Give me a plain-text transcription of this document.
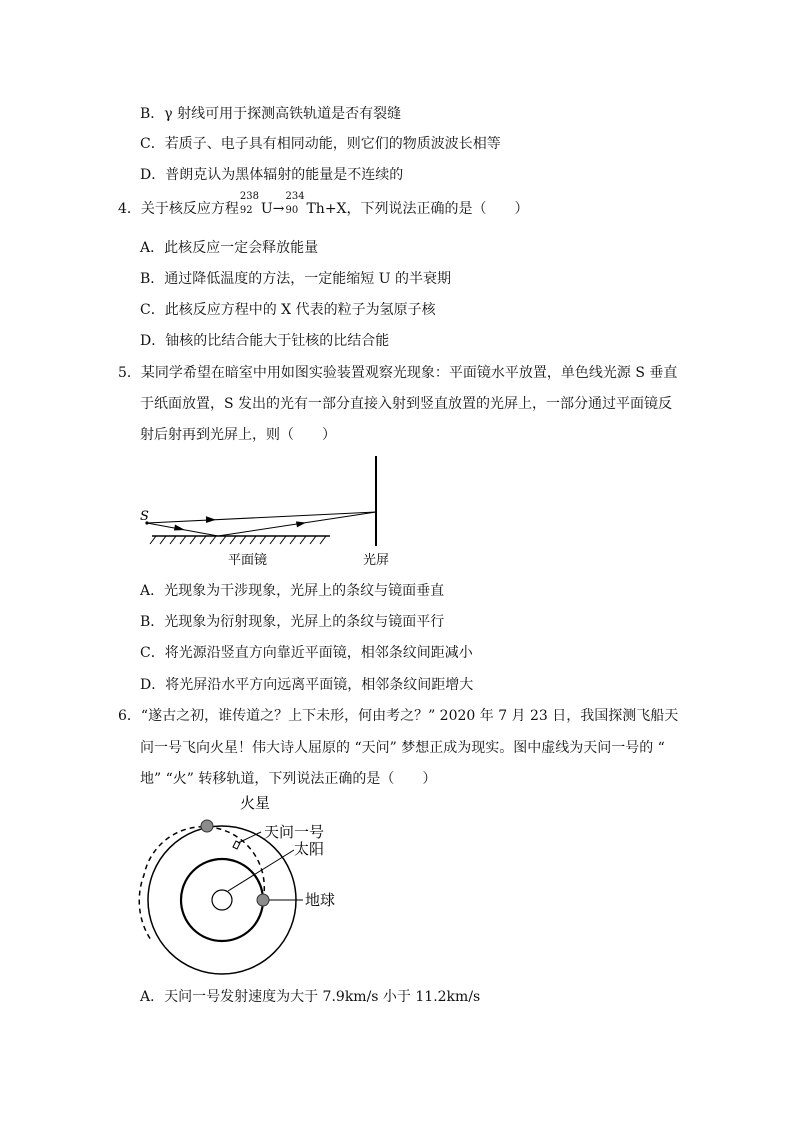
B．γ 射线可用于探测高铁轨道是否有裂缝
C．若质子、电子具有相同动能，则它们的物质波波长相等
D．普朗克认为黑体辐射的能量是不连续的
4．关于核反应方程
238
92 U→
234
90 Th+X，下列说法正确的是（　　）
A．此核反应一定会释放能量
B．通过降低温度的方法，一定能缩短 U 的半衰期
C．此核反应方程中的 X 代表的粒子为氢原子核
D．铀核的比结合能大于钍核的比结合能
5．某同学希望在暗室中用如图实验装置观察光现象：平面镜水平放置，单色线光源 S 垂直
于纸面放置，S 发出的光有一部分直接入射到竖直放置的光屏上，一部分通过平面镜反
射后射再到光屏上，则（　　）
S
平面镜	光屏
A．光现象为干涉现象，光屏上的条纹与镜面垂直
B．光现象为衍射现象，光屏上的条纹与镜面平行
C．将光源沿竖直方向靠近平面镜，相邻条纹间距减小
D．将光屏沿水平方向远离平面镜，相邻条纹间距增大
6．“遂古之初，谁传道之？上下未形，何由考之？” 2020 年 7 月 23 日，我国探测飞船天
问一号飞向火星！伟大诗人屈原的 “天问” 梦想正成为现实。图中虚线为天问一号的 “
地” “火” 转移轨道，下列说法正确的是（　　）
火星
天问一号
太阳
地球
A．天问一号发射速度为大于 7.9km/s 小于 11.2km/s
